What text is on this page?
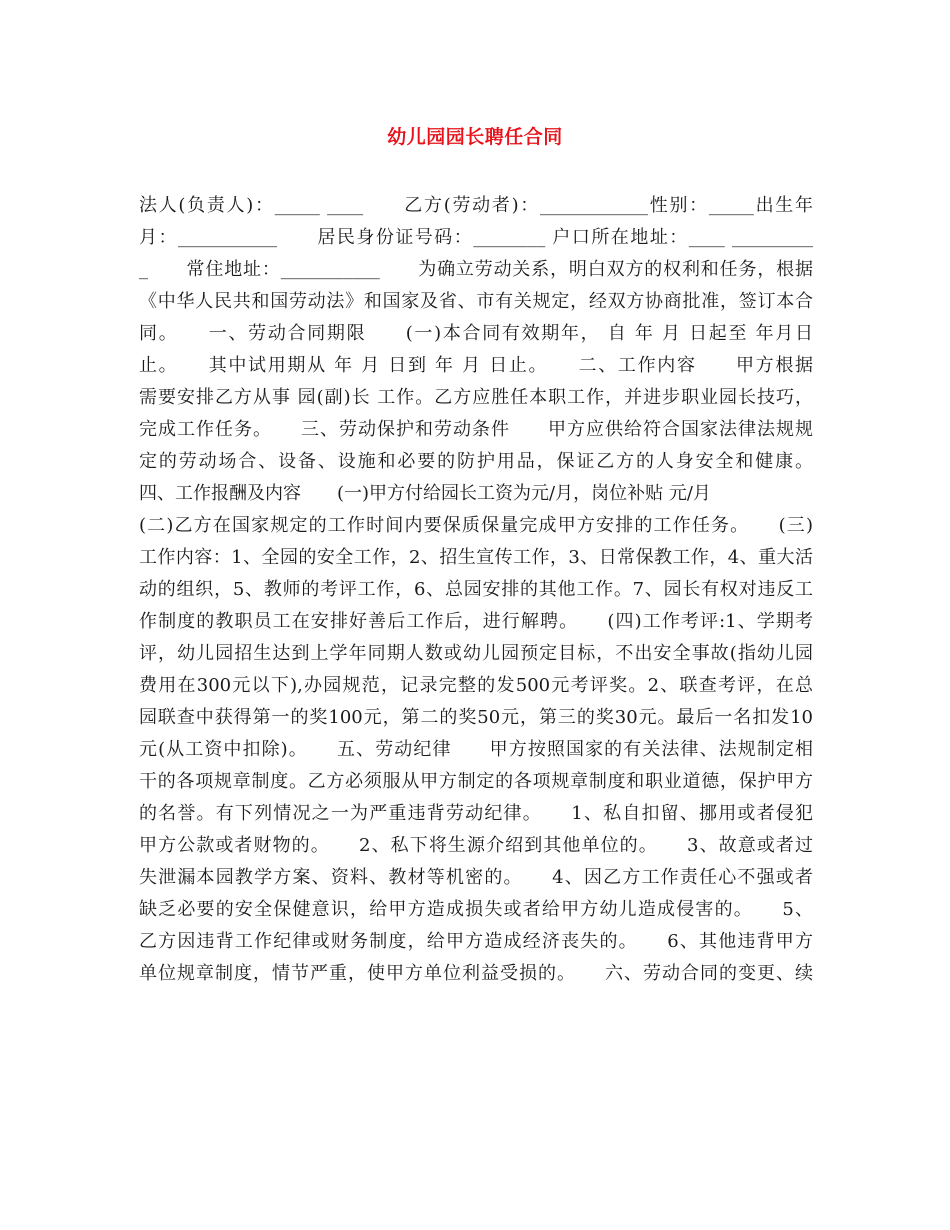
幼儿园园长聘任合同
法人(负责人)：_____ ____　　乙方(劳动者)：____________性别：_____出生年
月：___________　　居民身份证号码：________ 户口所在地址：____ _________
_　　常住地址：___________　　为确立劳动关系，明白双方的权利和任务，根据
《中华人民共和国劳动法》和国家及省、市有关规定，经双方协商批准，签订本合
同。　　一、劳动合同期限　　(一)本合同有效期年， 自 年 月 日起至 年月日
止。　　其中试用期从 年 月 日到 年 月 日止。　　二、工作内容　　甲方根据
需要安排乙方从事 园(副)长 工作。乙方应胜任本职工作，并进步职业园长技巧，
完成工作任务。　　三、劳动保护和劳动条件　　甲方应供给符合国家法律法规规
定的劳动场合、设备、设施和必要的防护用品，保证乙方的人身安全和健康。
四、工作报酬及内容　　(一)甲方付给园长工资为元/月，岗位补贴 元/月
(二)乙方在国家规定的工作时间内要保质保量完成甲方安排的工作任务。　　(三)
工作内容：1、全园的安全工作，2、招生宣传工作，3、日常保教工作，4、重大活
动的组织，5、教师的考评工作，6、总园安排的其他工作。7、园长有权对违反工
作制度的教职员工在安排好善后工作后，进行解聘。　　(四)工作考评:1、学期考
评，幼儿园招生达到上学年同期人数或幼儿园预定目标，不出安全事故(指幼儿园
费用在300元以下),办园规范，记录完整的发500元考评奖。2、联查考评，在总
园联查中获得第一的奖100元，第二的奖50元，第三的奖30元。最后一名扣发10
元(从工资中扣除)。　　五、劳动纪律　　甲方按照国家的有关法律、法规制定相
干的各项规章制度。乙方必须服从甲方制定的各项规章制度和职业道德，保护甲方
的名誉。有下列情况之一为严重违背劳动纪律。　　1、私自扣留、挪用或者侵犯
甲方公款或者财物的。　　2、私下将生源介绍到其他单位的。　　3、故意或者过
失泄漏本园教学方案、资料、教材等机密的。　　4、因乙方工作责任心不强或者
缺乏必要的安全保健意识，给甲方造成损失或者给甲方幼儿造成侵害的。　　5、
乙方因违背工作纪律或财务制度，给甲方造成经济丧失的。　　6、其他违背甲方
单位规章制度，情节严重，使甲方单位利益受损的。　　六、劳动合同的变更、续
